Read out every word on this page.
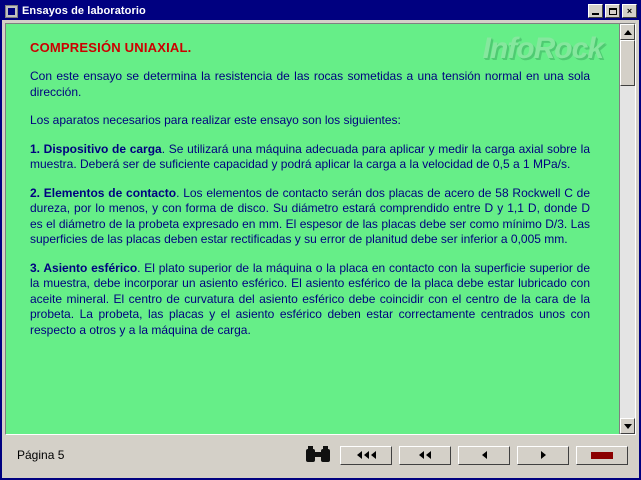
Ensayos de laboratorio	×
InfoRock
COMPRESIÓN UNIAXIAL.

Con este ensayo se determina la resistencia de las rocas sometidas a una tensión normal en una sola dirección.

Los aparatos necesarios para realizar este ensayo son los siguientes:

1. Dispositivo de carga. Se utilizará una máquina adecuada para aplicar y medir la carga axial sobre la muestra. Deberá ser de suficiente capacidad y podrá aplicar la carga a la velocidad de 0,5 a 1 MPa/s.

2. Elementos de contacto. Los elementos de contacto serán dos placas de acero de 58 Rockwell C de dureza, por lo menos, y con forma de disco. Su diámetro estará comprendido entre D y 1,1 D, donde D es el diámetro de la probeta expresado en mm. El espesor de las placas debe ser como mínimo D/3. Las superficies de las placas deben estar rectificadas y su error de planitud debe ser inferior a 0,005 mm.

3. Asiento esférico. El plato superior de la máquina o la placa en contacto con la superficie superior de la muestra, debe incorporar un asiento esférico. El asiento esférico de la placa debe estar lubricado con aceite mineral. El centro de curvatura del asiento esférico debe coincidir con el centro de la cara de la probeta. La probeta, las placas y el asiento esférico deben estar correctamente centrados unos con respecto a otros y a la máquina de carga.

Página 5
